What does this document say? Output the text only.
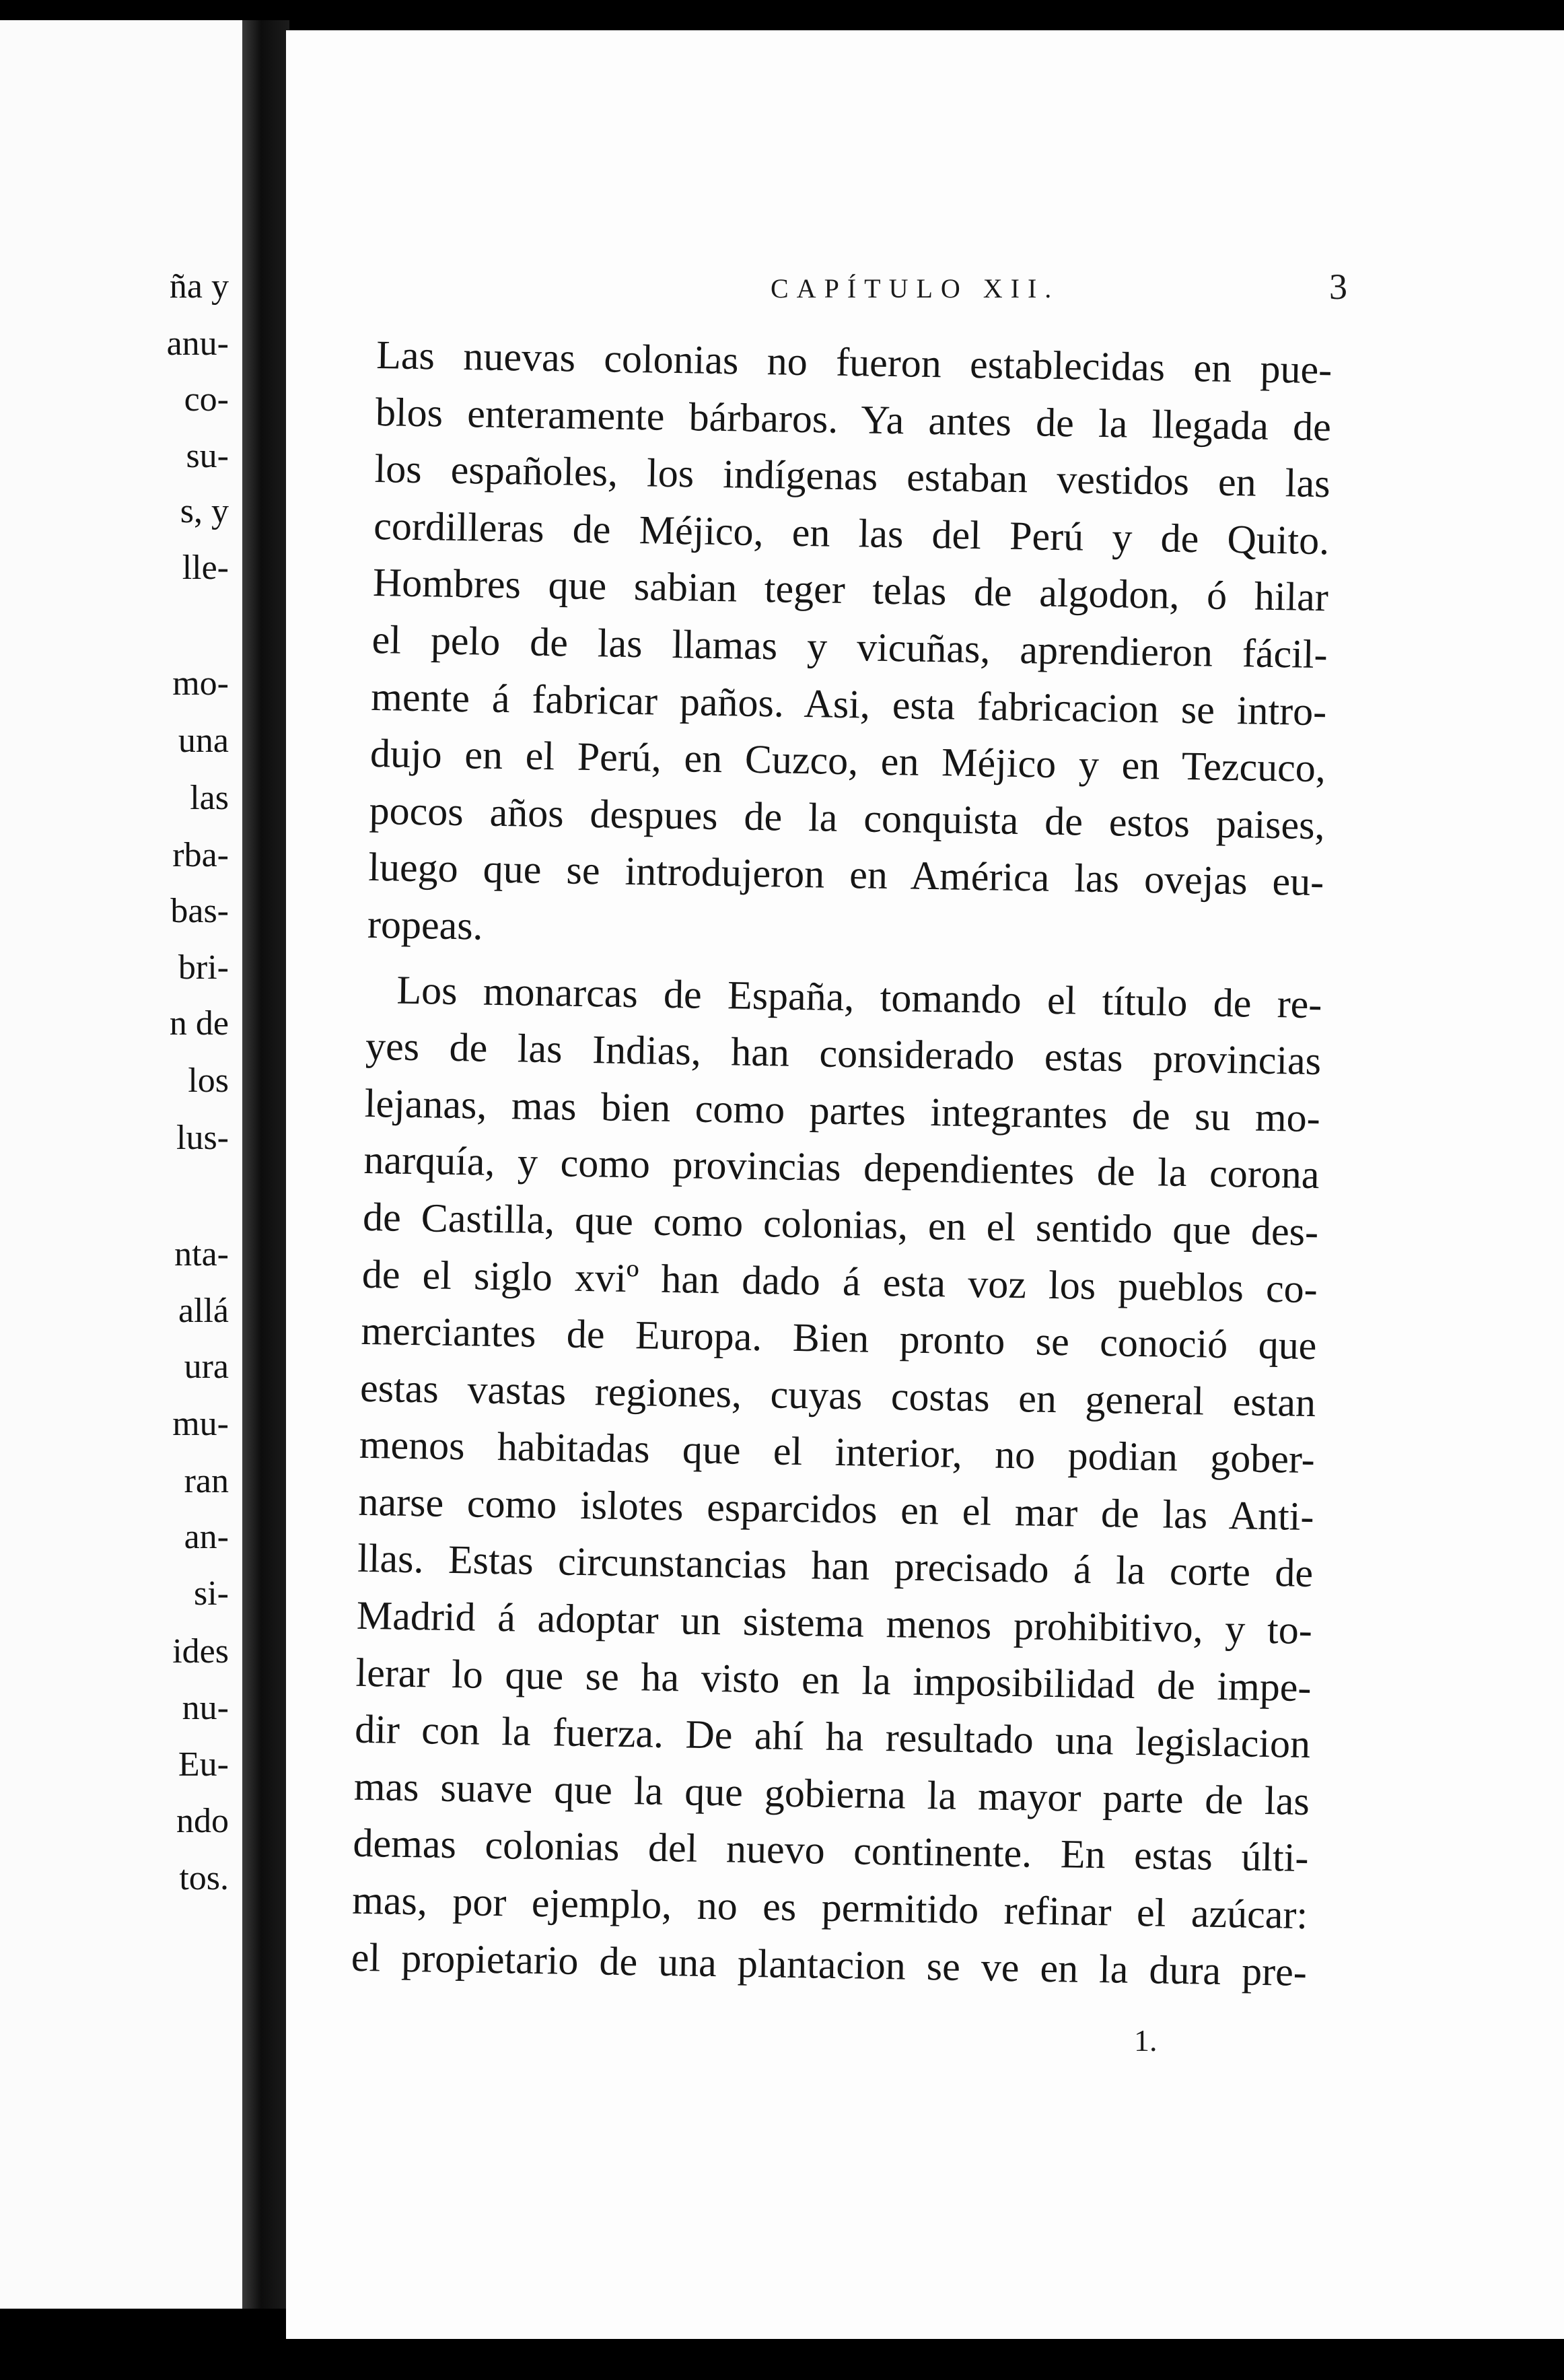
ña y
anu-
co-
su-
s, y
lle-
mo-
una
las
rba-
bas-
bri-
n de
los
lus-
nta-
allá
ura
mu-
ran
an-
si-
ides
nu-
Eu-
ndo
tos.
CAPÍTULO XII.	3
Las nuevas colonias no fueron establecidas en pue-
blos enteramente bárbaros. Ya antes de la llegada de
los españoles, los indígenas estaban vestidos en las
cordilleras de Méjico, en las del Perú y de Quito.
Hombres que sabian teger telas de algodon, ó hilar
el pelo de las llamas y vicuñas, aprendieron fácil-
mente á fabricar paños. Asi, esta fabricacion se intro-
dujo en el Perú, en Cuzco, en Méjico y en Tezcuco,
pocos años despues de la conquista de estos paises,
luego que se introdujeron en América las ovejas eu-
ropeas.
Los monarcas de España, tomando el título de re-
yes de las Indias, han considerado estas provincias
lejanas, mas bien como partes integrantes de su mo-
narquía, y como provincias dependientes de la corona
de Castilla, que como colonias, en el sentido que des-
de el siglo xviº han dado á esta voz los pueblos co-
merciantes de Europa. Bien pronto se conoció que
estas vastas regiones, cuyas costas en general estan
menos habitadas que el interior, no podian gober-
narse como islotes esparcidos en el mar de las Anti-
llas. Estas circunstancias han precisado á la corte de
Madrid á adoptar un sistema menos prohibitivo, y to-
lerar lo que se ha visto en la imposibilidad de impe-
dir con la fuerza. De ahí ha resultado una legislacion
mas suave que la que gobierna la mayor parte de las
demas colonias del nuevo continente. En estas últi-
mas, por ejemplo, no es permitido refinar el azúcar:
el propietario de una plantacion se ve en la dura pre-
1.
